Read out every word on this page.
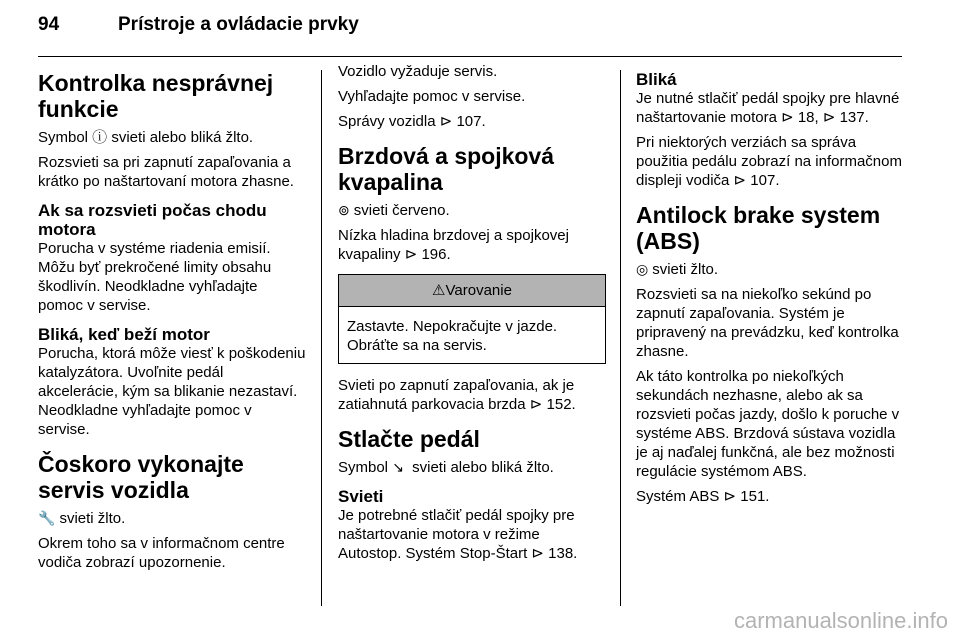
94	Prístroje a ovládacie prvky
Kontrolka nesprávnej funkcie

Symbol ⓘ svieti alebo bliká žlto.

Rozsvieti sa pri zapnutí zapaľovania a krátko po naštartovaní motora zhasne.

Ak sa rozsvieti počas chodu motora

Porucha v systéme riadenia emisií. Môžu byť prekročené limity obsahu škodlivín. Neodkladne vyhľadajte pomoc v servise.

Bliká, keď beží motor

Porucha, ktorá môže viesť k poškodeniu katalyzátora. Uvoľnite pedál akcelerácie, kým sa blikanie nezastaví. Neodkladne vyhľadajte pomoc v servise.

Čoskoro vykonajte servis vozidla

🔧 svieti žlto.

Okrem toho sa v informačnom centre vodiča zobrazí upozornenie.

Vozidlo vyžaduje servis.

Vyhľadajte pomoc v servise.

Správy vozidla ⊳ 107.

Brzdová a spojková kvapalina

⊚ svieti červeno.

Nízka hladina brzdovej a spojkovej kvapaliny ⊳ 196.

⚠Varovanie
Zastavte. Nepokračujte v jazde. Obráťte sa na servis.

Svieti po zapnutí zapaľovania, ak je zatiahnutá parkovacia brzda ⊳ 152.

Stlačte pedál

Symbol ↘ svieti alebo bliká žlto.

Svieti

Je potrebné stlačiť pedál spojky pre naštartovanie motora v režime Autostop. Systém Stop-Štart ⊳ 138.

Bliká

Je nutné stlačiť pedál spojky pre hlavné naštartovanie motora ⊳ 18, ⊳ 137.

Pri niektorých verziách sa správa použitia pedálu zobrazí na informačnom displeji vodiča ⊳ 107.

Antilock brake system (ABS)

◎ svieti žlto.

Rozsvieti sa na niekoľko sekúnd po zapnutí zapaľovania. Systém je pripravený na prevádzku, keď kontrolka zhasne.

Ak táto kontrolka po niekoľkých sekundách nezhasne, alebo ak sa rozsvieti počas jazdy, došlo k poruche v systéme ABS. Brzdová sústava vozidla je aj naďalej funkčná, ale bez možnosti regulácie systémom ABS.

Systém ABS ⊳ 151.

carmanualsonline.info
